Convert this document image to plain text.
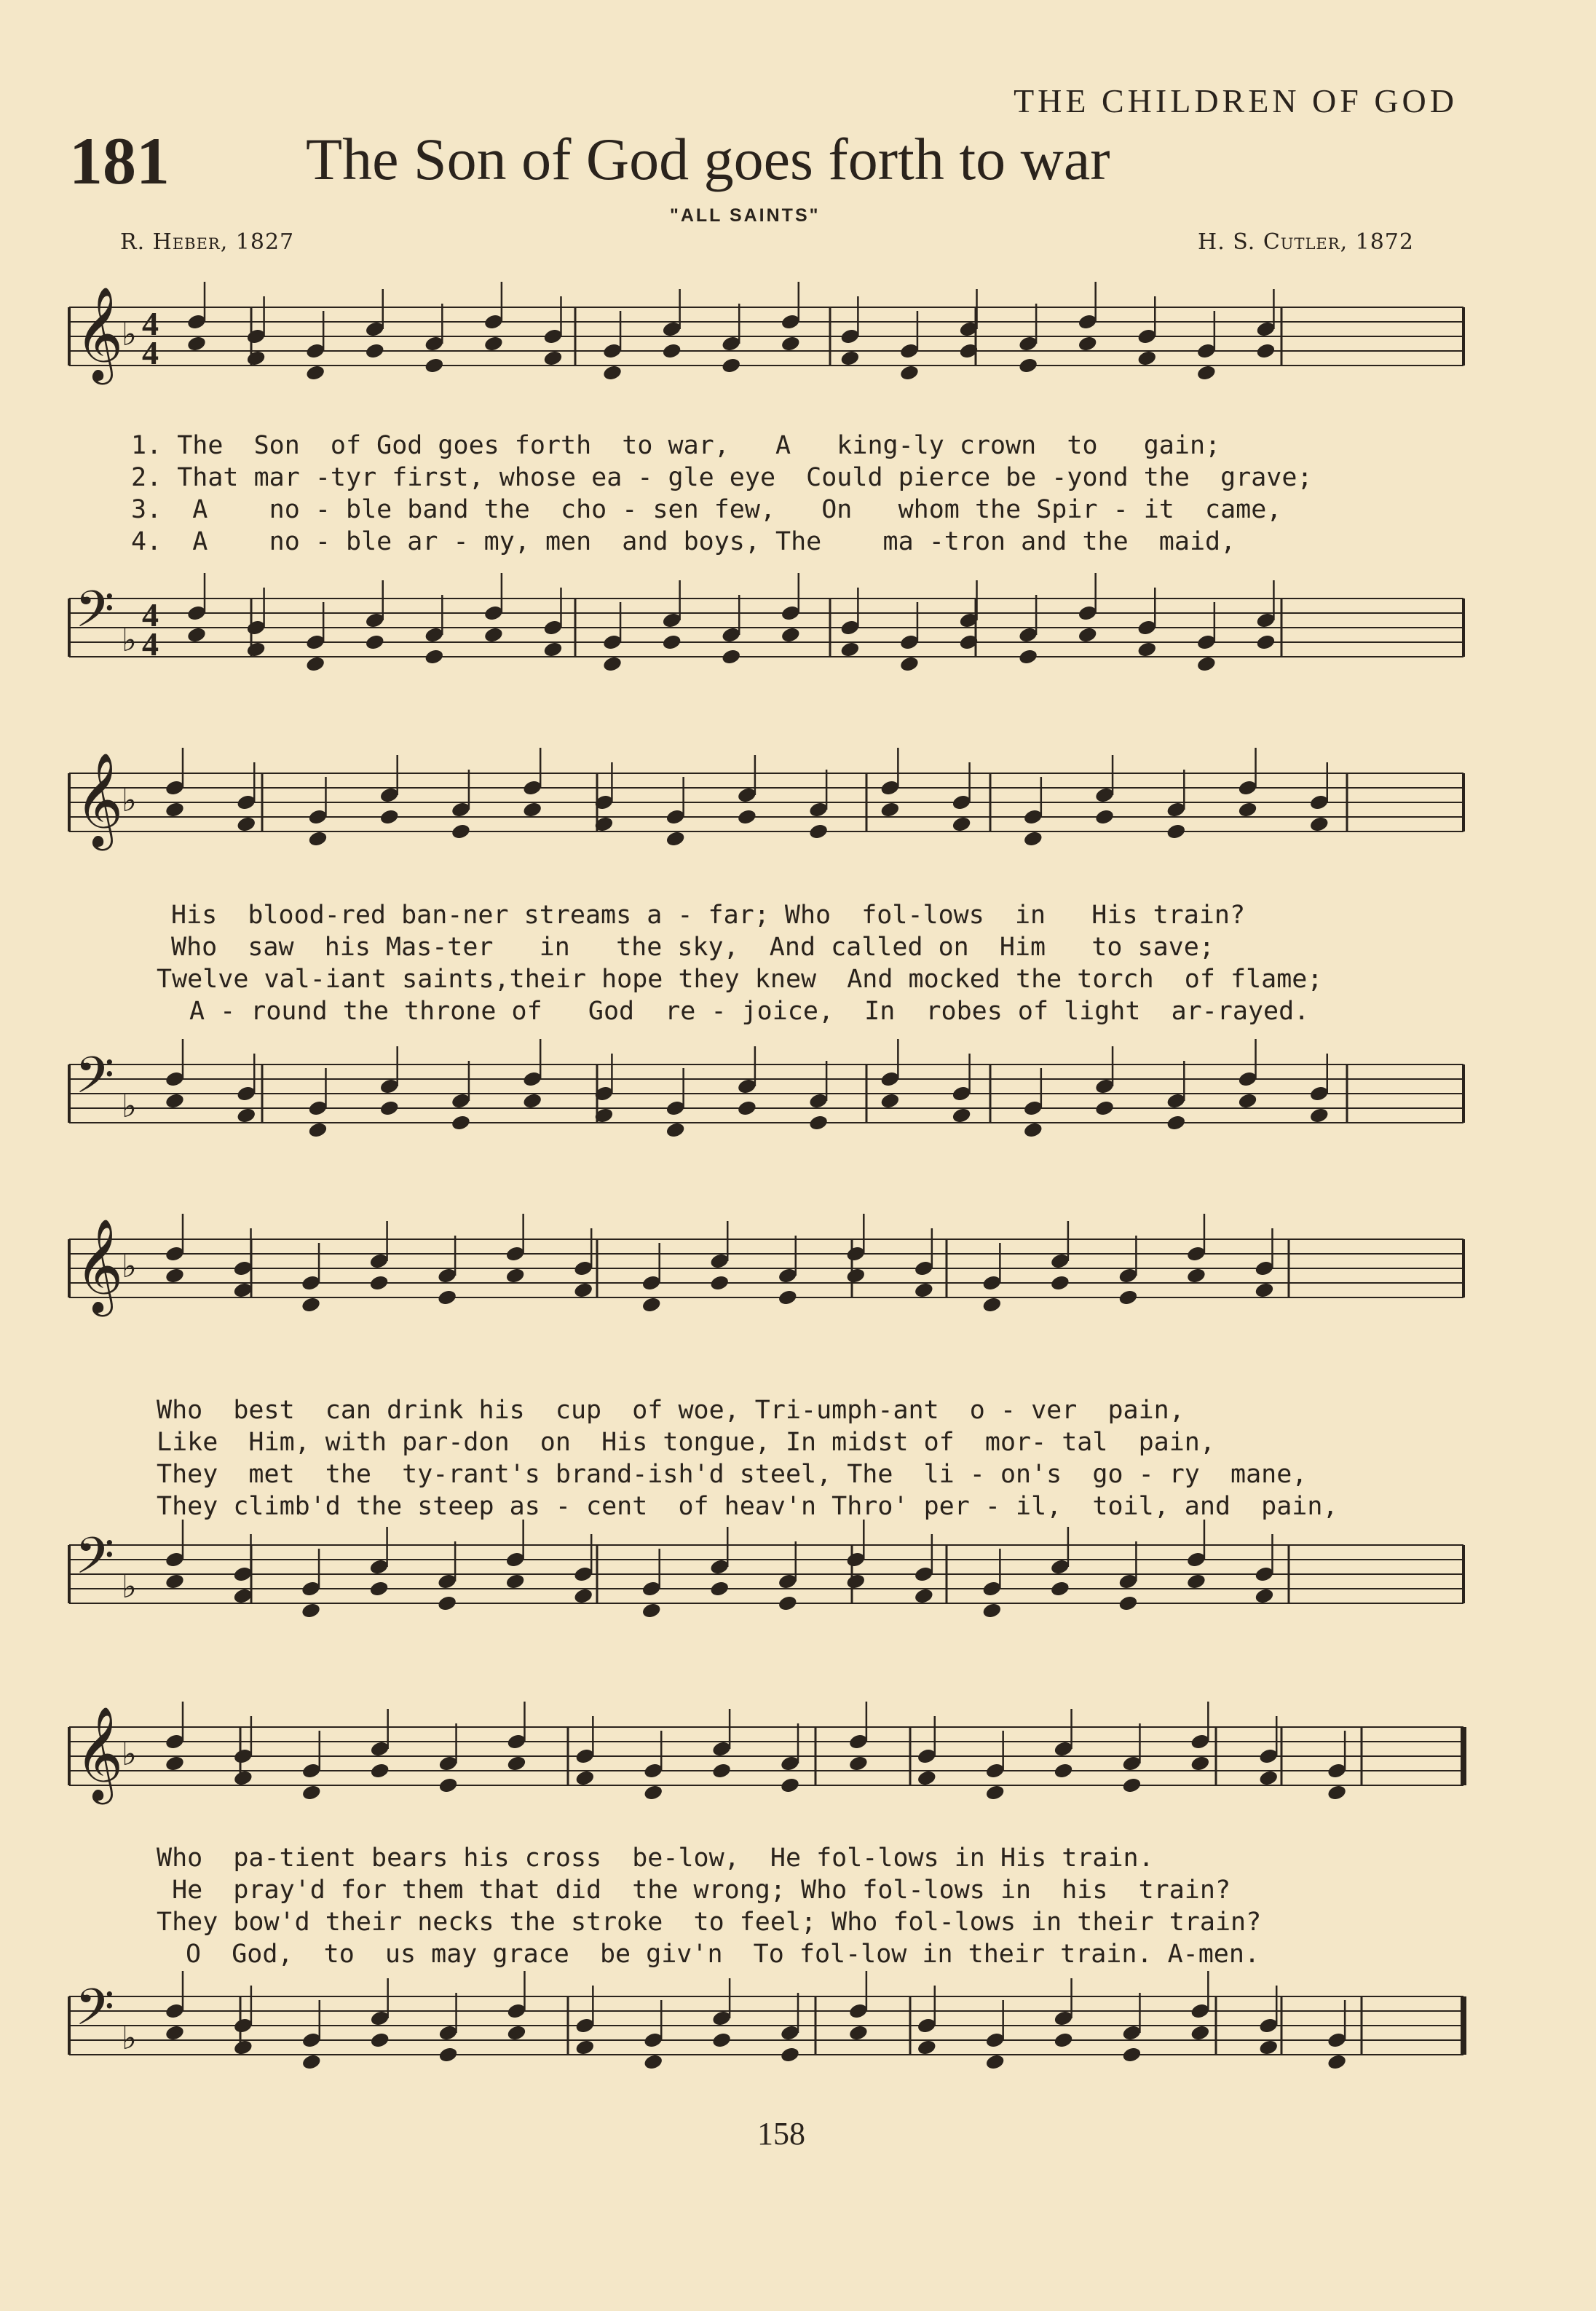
THE CHILDREN OF GOD
181 The Son of God goes forth to war
"ALL SAINTS"
R. Heber, 1827	H. S. Cutler, 1872
𝄞
♭ 4
4
1. The  Son  of God goes forth  to war,   A   king-ly crown  to   gain;
2. That mar -tyr first, whose ea - gle eye  Could pierce be -yond the  grave;
3.  A    no - ble band the  cho - sen few,   On   whom the Spir - it  came,
4.  A    no - ble ar - my, men  and boys, The    ma -tron and the  maid,
𝄢 ♭
4
4
𝄞
♭
His  blood-red ban-ner streams a - far; Who  fol-lows  in   His train?
Who  saw  his Mas-ter   in   the sky,  And called on  Him   to save;
Twelve val-iant saints,their hope they knew  And mocked the torch  of flame;
A - round the throne of   God  re - joice,  In  robes of light  ar-rayed.
𝄢 ♭
𝄞
♭
Who  best  can drink his  cup  of woe, Tri-umph-ant  o - ver  pain,
Like  Him, with par-don  on  His tongue, In midst of  mor- tal  pain,
They  met  the  ty-rant's brand-ish'd steel, The  li - on's  go - ry  mane,
They climb'd the steep as - cent  of heav'n Thro' per - il,  toil, and  pain,
𝄢 ♭
𝄞
♭
Who  pa-tient bears his cross  be-low,  He fol-lows in His train.
He  pray'd for them that did  the wrong; Who fol-lows in  his  train?
They bow'd their necks the stroke  to feel; Who fol-lows in their train?
O  God,  to  us may grace  be giv'n  To fol-low in their train. A-men.
𝄢 ♭
158
